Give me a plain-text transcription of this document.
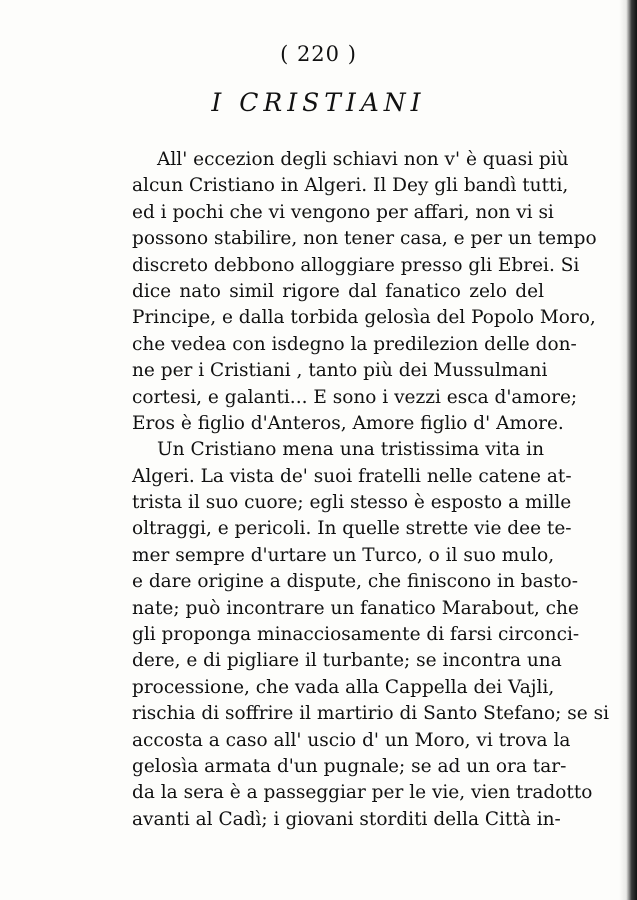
( 220 )
I CRISTIANI
All' eccezion degli schiavi non v' è quasi più
alcun Cristiano in Algeri. Il Dey gli bandì tutti,
ed i pochi che vi vengono per affari, non vi si
possono stabilire, non tener casa, e per un tempo
discreto debbono alloggiare presso gli Ebrei. Si
dice nato simil rigore dal fanatico zelo del
Principe, e dalla torbida gelosìa del Popolo Moro,
che vedea con isdegno la predilezion delle don-
ne per i Cristiani , tanto più dei Mussulmani
cortesi, e galanti... E sono i vezzi esca d'amore;
Eros è figlio d'Anteros, Amore figlio d' Amore.
Un Cristiano mena una tristissima vita in
Algeri. La vista de' suoi fratelli nelle catene at-
trista il suo cuore; egli stesso è esposto a mille
oltraggi, e pericoli. In quelle strette vie dee te-
mer sempre d'urtare un Turco, o il suo mulo,
e dare origine a dispute, che finiscono in basto-
nate; può incontrare un fanatico Marabout, che
gli proponga minacciosamente di farsi circonci-
dere, e di pigliare il turbante; se incontra una
processione, che vada alla Cappella dei Vajli,
rischia di soffrire il martirio di Santo Stefano; se si
accosta a caso all' uscio d' un Moro, vi trova la
gelosìa armata d'un pugnale; se ad un ora tar-
da la sera è a passeggiar per le vie, vien tradotto
avanti al Cadì; i giovani storditi della Città in-
